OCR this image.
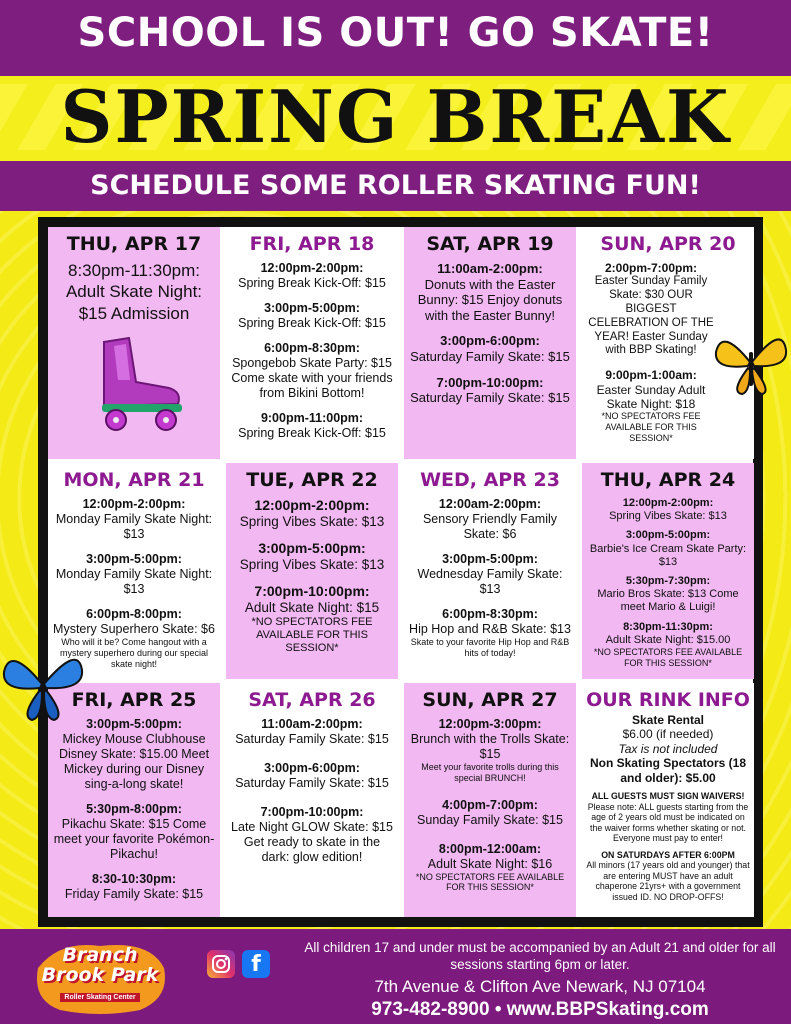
SCHOOL IS OUT! GO SKATE!
SPRING BREAK
SCHEDULE SOME ROLLER SKATING FUN!
THU, APR 17
8:30pm-11:30pm:
Adult Skate Night: $15 Admission
FRI, APR 18
12:00pm-2:00pm:
Spring Break Kick-Off: $15
3:00pm-5:00pm:
Spring Break Kick-Off: $15
6:00pm-8:30pm:
Spongebob Skate Party: $15 Come skate with your friends from Bikini Bottom!
9:00pm-11:00pm:
Spring Break Kick-Off: $15
SAT, APR 19
11:00am-2:00pm:
Donuts with the Easter Bunny: $15 Enjoy donuts with the Easter Bunny!
3:00pm-6:00pm:
Saturday Family Skate: $15
7:00pm-10:00pm:
Saturday Family Skate: $15
SUN, APR 20
2:00pm-7:00pm:
Easter Sunday Family Skate: $30 OUR BIGGEST CELEBRATION OF THE YEAR! Easter Sunday with BBP Skating!
9:00pm-1:00am:
Easter Sunday Adult Skate Night: $18
*NO SPECTATORS FEE AVAILABLE FOR THIS SESSION*
MON, APR 21
12:00pm-2:00pm:
Monday Family Skate Night: $13
3:00pm-5:00pm:
Monday Family Skate Night: $13
6:00pm-8:00pm:
Mystery Superhero Skate: $6
Who will it be? Come hangout with a mystery superhero during our special skate night!
TUE, APR 22
12:00pm-2:00pm:
Spring Vibes Skate: $13
3:00pm-5:00pm:
Spring Vibes Skate: $13
7:00pm-10:00pm:
Adult Skate Night: $15
*NO SPECTATORS FEE AVAILABLE FOR THIS SESSION*
WED, APR 23
12:00am-2:00pm:
Sensory Friendly Family Skate: $6
3:00pm-5:00pm:
Wednesday Family Skate: $13
6:00pm-8:30pm:
Hip Hop and R&B Skate: $13
Skate to your favorite Hip Hop and R&B hits of today!
THU, APR 24
12:00pm-2:00pm:
Spring Vibes Skate: $13
3:00pm-5:00pm:
Barbie's Ice Cream Skate Party: $13
5:30pm-7:30pm:
Mario Bros Skate: $13 Come meet Mario & Luigi!
8:30pm-11:30pm:
Adult Skate Night: $15.00
*NO SPECTATORS FEE AVAILABLE FOR THIS SESSION*
FRI, APR 25
3:00pm-5:00pm:
Mickey Mouse Clubhouse Disney Skate: $15.00 Meet Mickey during our Disney sing-a-long skate!
5:30pm-8:00pm:
Pikachu Skate: $15 Come meet your favorite Pokémon- Pikachu!
8:30-10:30pm:
Friday Family Skate: $15
SAT, APR 26
11:00am-2:00pm:
Saturday Family Skate: $15
3:00pm-6:00pm:
Saturday Family Skate: $15
7:00pm-10:00pm:
Late Night GLOW Skate: $15 Get ready to skate in the dark: glow edition!
SUN, APR 27
12:00pm-3:00pm:
Brunch with the Trolls Skate: $15
Meet your favorite trolls during this special BRUNCH!
4:00pm-7:00pm:
Sunday Family Skate: $15
8:00pm-12:00am:
Adult Skate Night: $16
*NO SPECTATORS FEE AVAILABLE FOR THIS SESSION*
OUR RINK INFO
Skate Rental
$6.00 (if needed)
Tax is not included
Non Skating Spectators (18 and older): $5.00
ALL GUESTS MUST SIGN WAIVERS!
Please note: ALL guests starting from the age of 2 years old must be indicated on the waiver forms whether skating or not. Everyone must pay to enter!
ON SATURDAYS AFTER 6:00PM
All minors (17 years old and younger) that are entering MUST have an adult chaperone 21yrs+ with a government issued ID. NO DROP-OFFS!
Branch
Brook Park
Roller Skating Center
f
All children 17 and under must be accompanied by an Adult 21 and older for all sessions starting 6pm or later.
7th Avenue & Clifton Ave Newark, NJ 07104
973-482-8900 • www.BBPSkating.com
